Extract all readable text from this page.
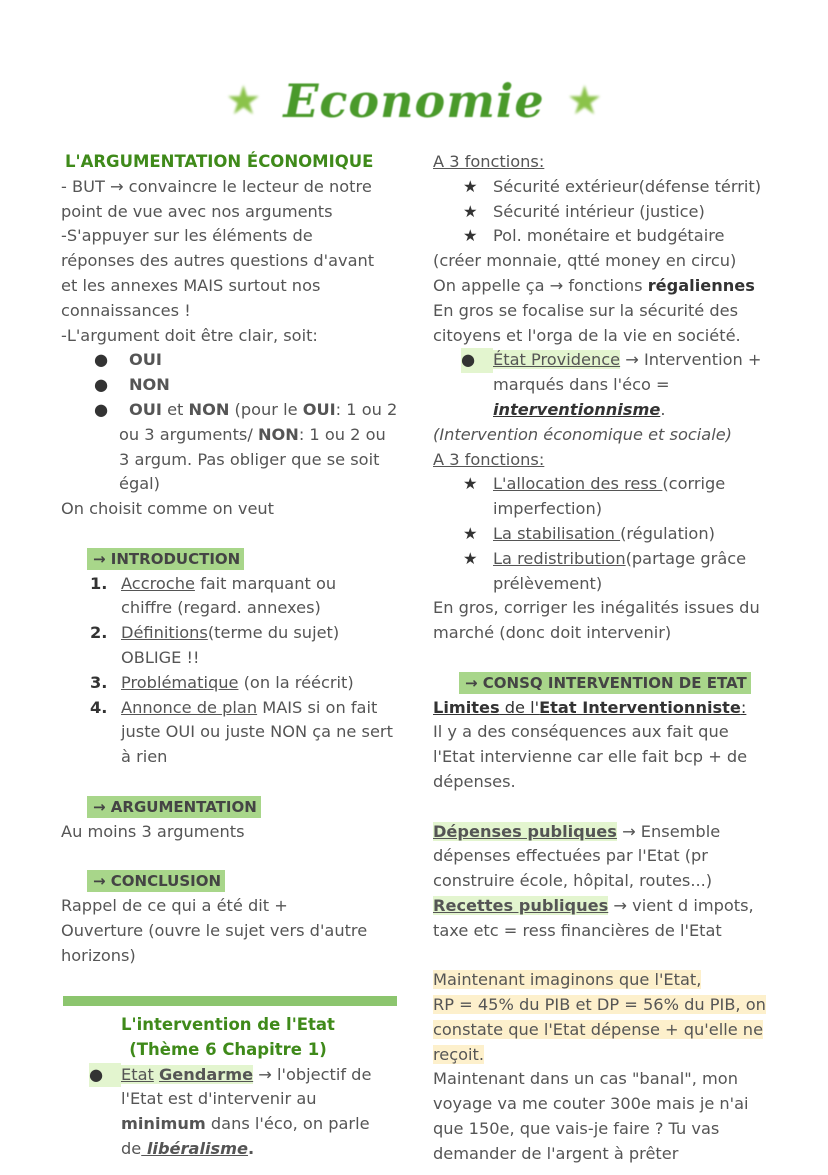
★ Economie ★
L'ARGUMENTATION ÉCONOMIQUE
- BUT → convaincre le lecteur de notre
point de vue avec nos arguments
-S'appuyer sur les éléments de
réponses des autres questions d'avant
et les annexes MAIS surtout nos
connaissances !
-L'argument doit être clair, soit:
● OUI
● NON
● OUI et NON (pour le OUI: 1 ou 2
ou 3 arguments/ NON: 1 ou 2 ou
3 argum. Pas obliger que se soit
égal)
On choisit comme on veut
→ INTRODUCTION
1. Accroche fait marquant ou
chiffre (regard. annexes)
2. Définitions(terme du sujet)
OBLIGE !!
3. Problématique (on la réécrit)
4. Annonce de plan MAIS si on fait
juste OUI ou juste NON ça ne sert
à rien
→ ARGUMENTATION
Au moins 3 arguments
→ CONCLUSION
Rappel de ce qui a été dit +
Ouverture (ouvre le sujet vers d'autre
horizons)
L'intervention de l'Etat
(Thème 6 Chapitre 1)
● Etat Gendarme → l'objectif de
l'Etat est d'intervenir au
minimum dans l'éco, on parle
de libéralisme.
A 3 fonctions:
★ Sécurité extérieur(défense térrit)
★ Sécurité intérieur (justice)
★ Pol. monétaire et budgétaire
(créer monnaie, qtté money en circu)
On appelle ça → fonctions régaliennes
En gros se focalise sur la sécurité des
citoyens et l'orga de la vie en société.
● État Providence → Intervention +
marqués dans l'éco =
interventionnisme.
(Intervention économique et sociale)
A 3 fonctions:
★ L'allocation des ress (corrige
imperfection)
★ La stabilisation (régulation)
★ La redistribution(partage grâce
prélèvement)
En gros, corriger les inégalités issues du
marché (donc doit intervenir)
→ CONSQ INTERVENTION DE ETAT
Limites de l'Etat Interventionniste:
Il y a des conséquences aux fait que
l'Etat intervienne car elle fait bcp + de
dépenses.
Dépenses publiques → Ensemble
dépenses effectuées par l'Etat (pr
construire école, hôpital, routes...)
Recettes publiques → vient d impots,
taxe etc = ress financières de l'Etat
Maintenant imaginons que l'Etat,
RP = 45% du PIB et DP = 56% du PIB, on
constate que l'Etat dépense + qu'elle ne
reçoit.
Maintenant dans un cas "banal", mon
voyage va me couter 300e mais je n'ai
que 150e, que vais-je faire ? Tu vas
demander de l'argent à prêter
